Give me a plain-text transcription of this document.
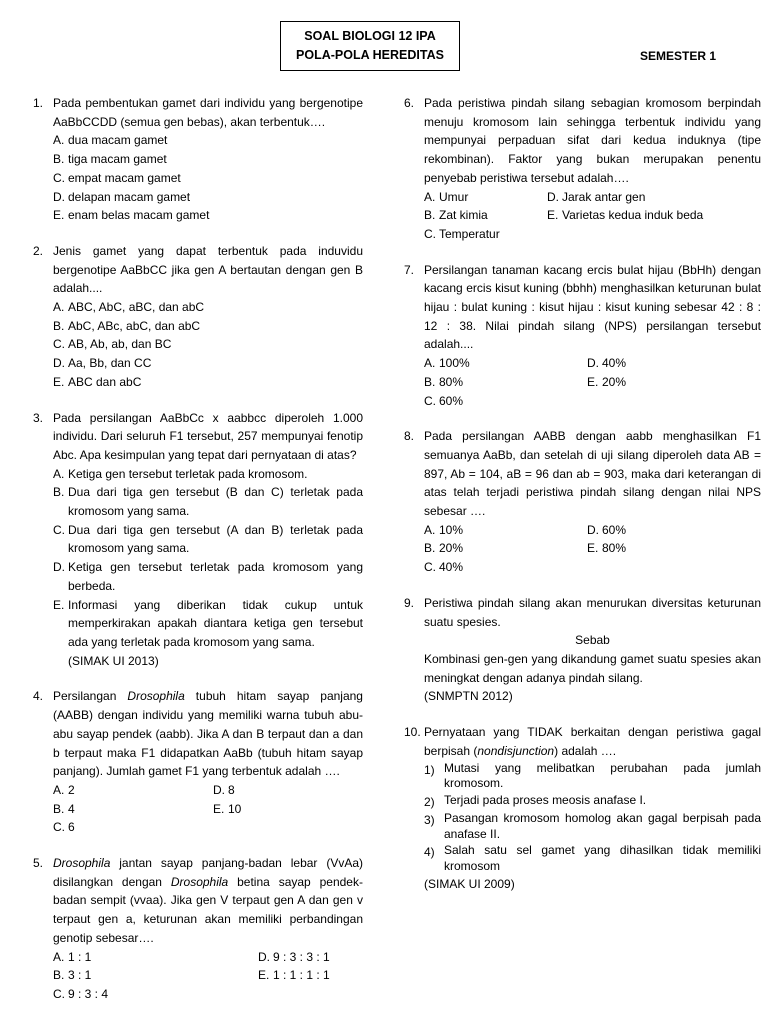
SOAL BIOLOGI 12 IPA
POLA-POLA HEREDITAS	SEMESTER 1
1. Pada pembentukan gamet dari individu yang bergenotipe AaBbCCDD (semua gen bebas), akan terbentuk….
A. dua macam gamet
B. tiga macam gamet
C. empat macam gamet
D. delapan macam gamet
E. enam belas macam gamet
2. Jenis gamet yang dapat terbentuk pada induvidu bergenotipe AaBbCC jika gen A bertautan dengan gen B adalah....
A. ABC, AbC, aBC, dan abC
B. AbC, ABc, abC, dan abC
C. AB, Ab, ab, dan BC
D. Aa, Bb, dan CC
E. ABC dan abC
3. Pada persilangan AaBbCc x aabbcc diperoleh 1.000 individu. Dari seluruh F1 tersebut, 257 mempunyai fenotip Abc. Apa kesimpulan yang tepat dari pernyataan di atas?
A. Ketiga gen tersebut terletak pada kromosom.
B. Dua dari tiga gen tersebut (B dan C) terletak pada kromosom yang sama.
C. Dua dari tiga gen tersebut (A dan B) terletak pada kromosom yang sama.
D. Ketiga gen tersebut terletak pada kromosom yang berbeda.
E. Informasi yang diberikan tidak cukup untuk memperkirakan apakah diantara ketiga gen tersebut ada yang terletak pada kromosom yang sama.
(SIMAK UI 2013)
4. Persilangan Drosophila tubuh hitam sayap panjang (AABB) dengan individu yang memiliki warna tubuh abu-abu sayap pendek (aabb). Jika A dan B terpaut dan a dan b terpaut maka F1 didapatkan AaBb (tubuh hitam sayap panjang). Jumlah gamet F1 yang terbentuk adalah ….
A. 2	D. 8
B. 4	E. 10
C. 6
5. Drosophila jantan sayap panjang-badan lebar (VvAa) disilangkan dengan Drosophila betina sayap pendek-badan sempit (vvaa). Jika gen V terpaut gen A dan gen v terpaut gen a, keturunan akan memiliki perbandingan genotip sebesar….
A. 1 : 1	D. 9 : 3 : 3 : 1
B. 3 : 1	E. 1 : 1 : 1 : 1
C. 9 : 3 : 4
6. Pada peristiwa pindah silang sebagian kromosom berpindah menuju kromosom lain sehingga terbentuk individu yang mempunyai perpaduan sifat dari kedua induknya (tipe rekombinan). Faktor yang bukan merupakan penentu penyebab peristiwa tersebut adalah….
A. Umur	D. Jarak antar gen
B. Zat kimia	E. Varietas kedua induk beda
C. Temperatur
7. Persilangan tanaman kacang ercis bulat hijau (BbHh) dengan kacang ercis kisut kuning (bbhh) menghasilkan keturunan bulat hijau : bulat kuning : kisut hijau : kisut kuning sebesar 42 : 8 : 12 : 38. Nilai pindah silang (NPS) persilangan tersebut adalah....
A. 100%	D. 40%
B. 80%	E. 20%
C. 60%
8. Pada persilangan AABB dengan aabb menghasilkan F1 semuanya AaBb, dan setelah di uji silang diperoleh data AB = 897, Ab = 104, aB = 96 dan ab = 903, maka dari keterangan di atas telah terjadi peristiwa pindah silang dengan nilai NPS sebesar ….
A. 10%	D. 60%
B. 20%	E. 80%
C. 40%
9. Peristiwa pindah silang akan menurukan diversitas keturunan suatu spesies.
Sebab
Kombinasi gen-gen yang dikandung gamet suatu spesies akan meningkat dengan adanya pindah silang.
(SNMPTN 2012)
10. Pernyataan yang TIDAK berkaitan dengan peristiwa gagal berpisah (nondisjunction) adalah ….
1) Mutasi yang melibatkan perubahan pada jumlah kromosom.
2) Terjadi pada proses meosis anafase I.
3) Pasangan kromosom homolog akan gagal berpisah pada anafase II.
4) Salah satu sel gamet yang dihasilkan tidak memiliki kromosom
(SIMAK UI 2009)
